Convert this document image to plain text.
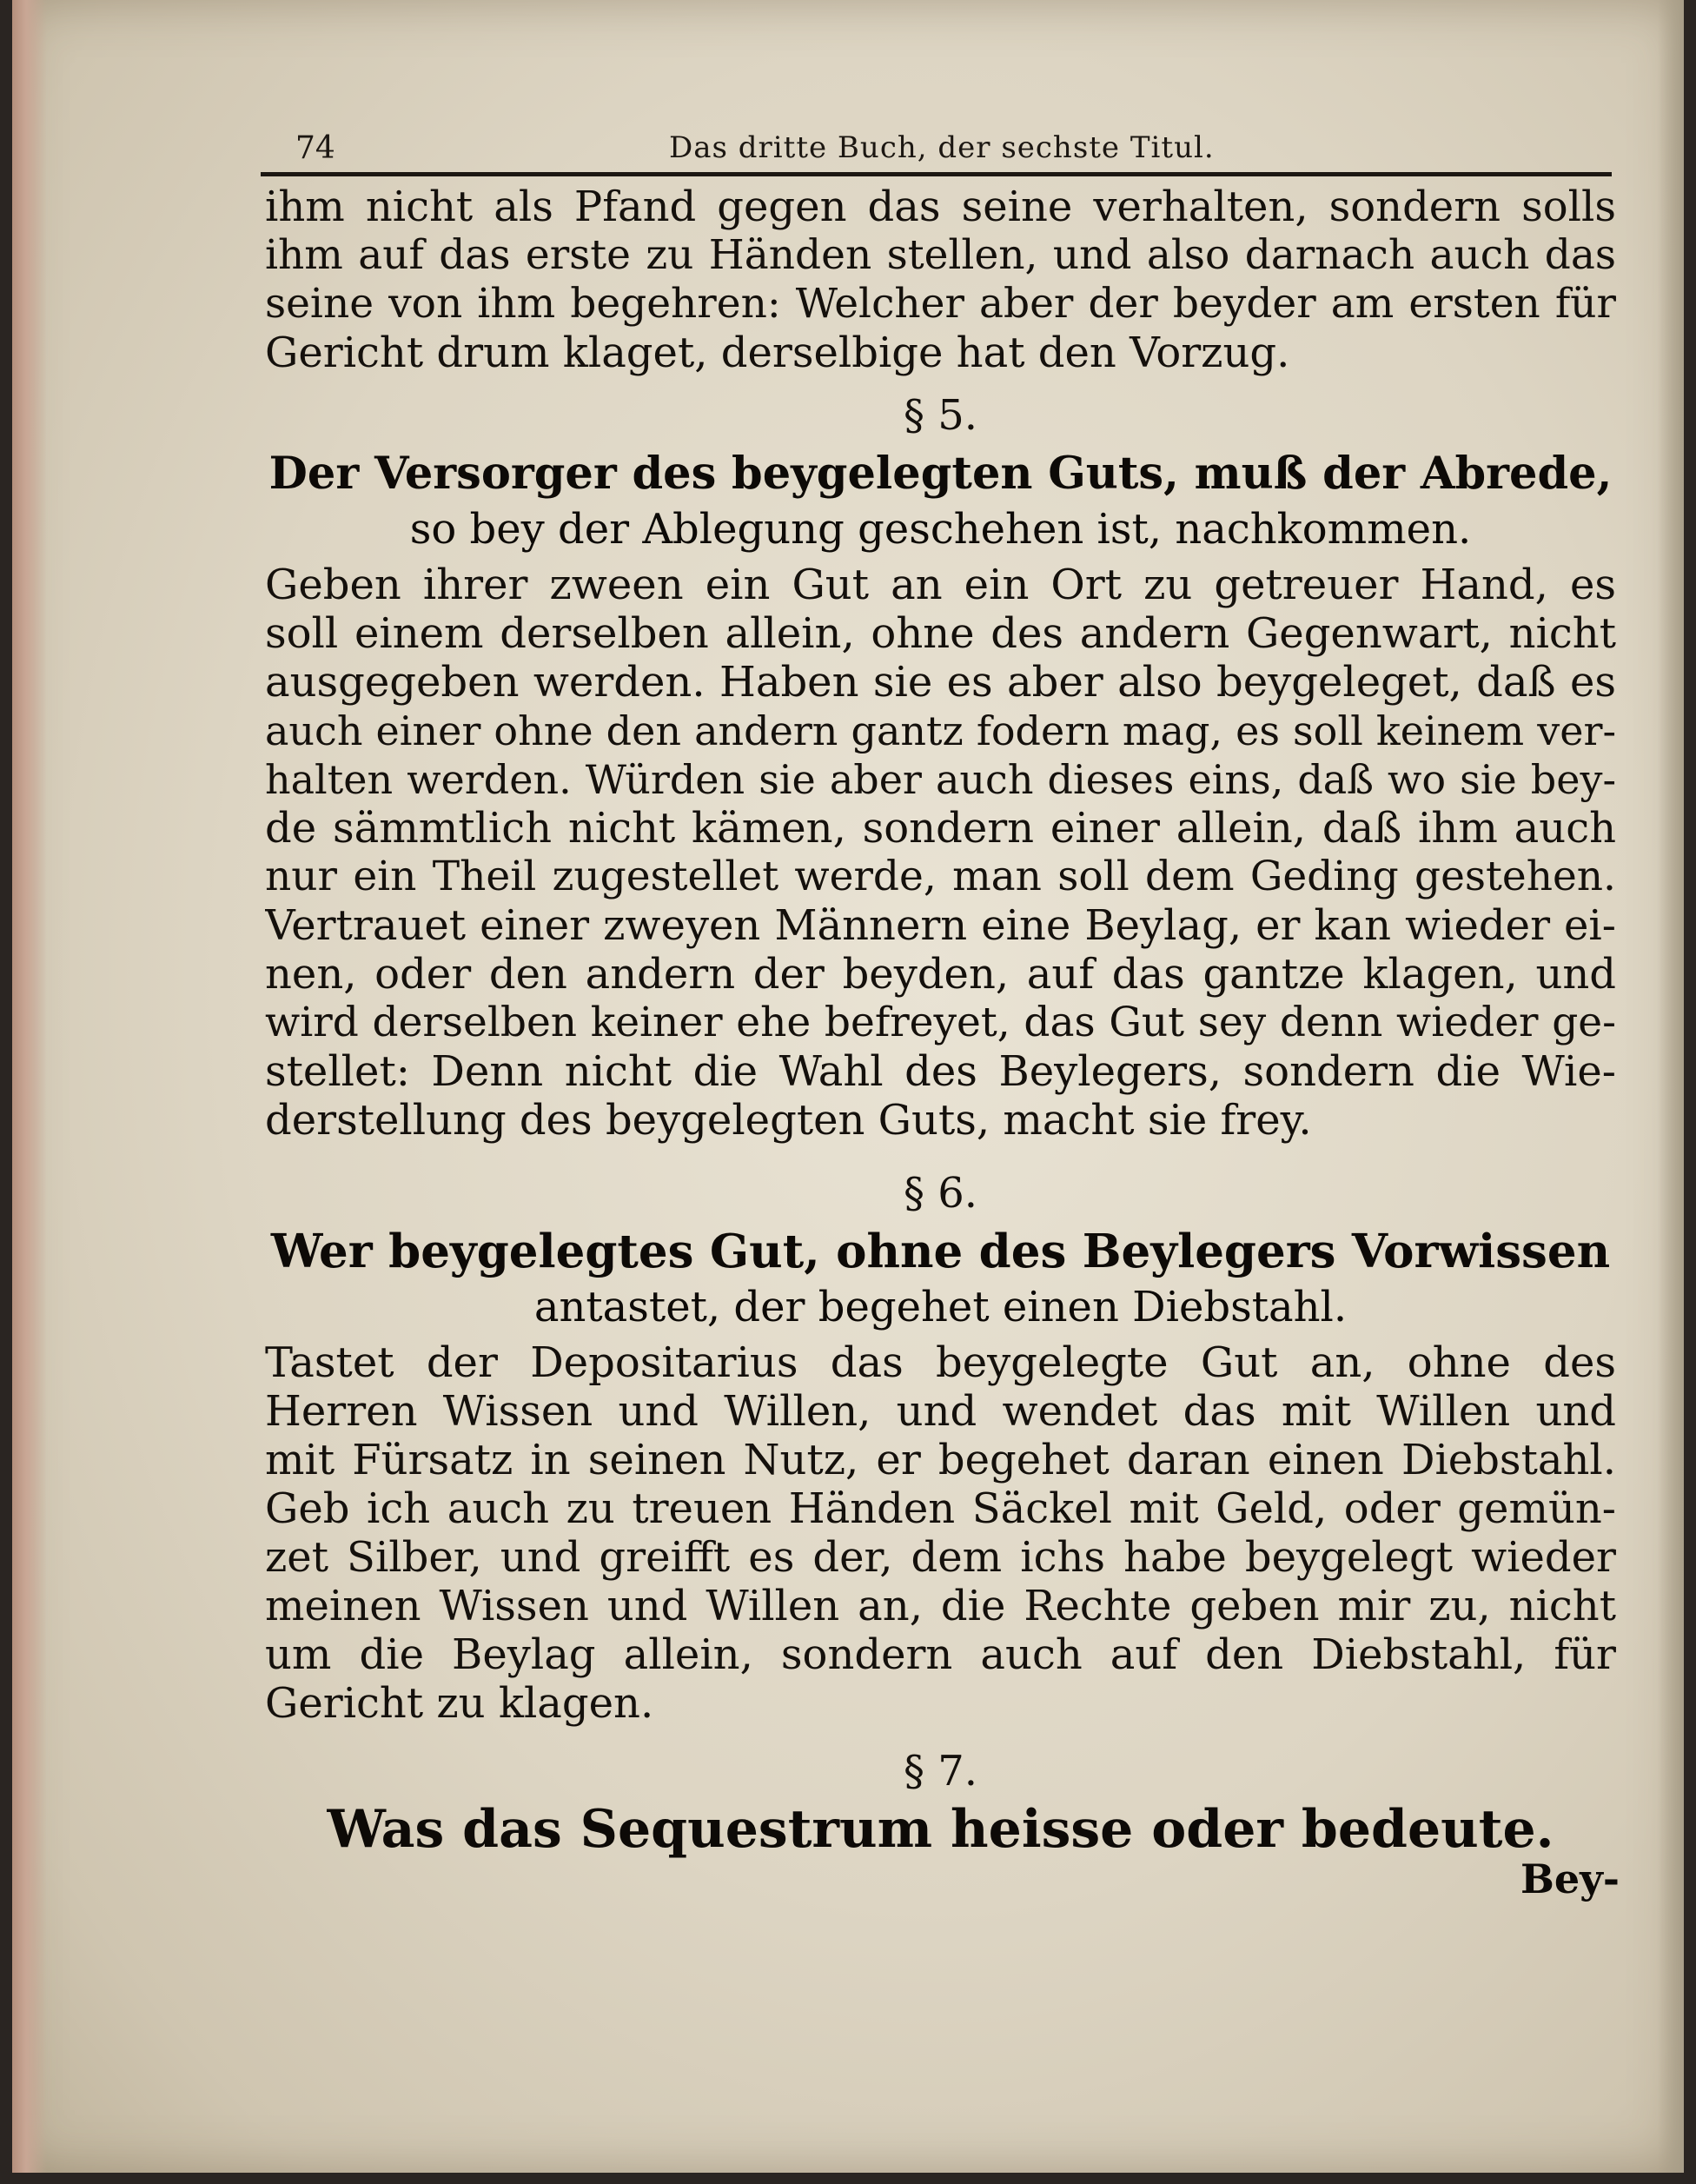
74	Das dritte Buch, der sechste Titul.
ihm nicht als Pfand gegen das seine verhalten, sondern solls
ihm auf das erste zu Händen stellen, und also darnach auch das
seine von ihm begehren: Welcher aber der beyder am ersten für
Gericht drum klaget, derselbige hat den Vorzug.
§ 5.
Der Versorger des beygelegten Guts, muß der Abrede,
so bey der Ablegung geschehen ist, nachkommen.
Geben ihrer zween ein Gut an ein Ort zu getreuer Hand, es
soll einem derselben allein, ohne des andern Gegenwart, nicht
ausgegeben werden. Haben sie es aber also beygeleget, daß es
auch einer ohne den andern gantz fodern mag, es soll keinem ver-
halten werden. Würden sie aber auch dieses eins, daß wo sie bey-
de sämmtlich nicht kämen, sondern einer allein, daß ihm auch
nur ein Theil zugestellet werde, man soll dem Geding gestehen.
Vertrauet einer zweyen Männern eine Beylag, er kan wieder ei-
nen, oder den andern der beyden, auf das gantze klagen, und
wird derselben keiner ehe befreyet, das Gut sey denn wieder ge-
stellet: Denn nicht die Wahl des Beylegers, sondern die Wie-
derstellung des beygelegten Guts, macht sie frey.
§ 6.
Wer beygelegtes Gut, ohne des Beylegers Vorwissen
antastet, der begehet einen Diebstahl.
Tastet der Depositarius das beygelegte Gut an, ohne des
Herren Wissen und Willen, und wendet das mit Willen und
mit Fürsatz in seinen Nutz, er begehet daran einen Diebstahl.
Geb ich auch zu treuen Händen Säckel mit Geld, oder gemün-
zet Silber, und greifft es der, dem ichs habe beygelegt wieder
meinen Wissen und Willen an, die Rechte geben mir zu, nicht
um die Beylag allein, sondern auch auf den Diebstahl, für
Gericht zu klagen.
§ 7.
Was das Sequestrum heisse oder bedeute.
Bey-
